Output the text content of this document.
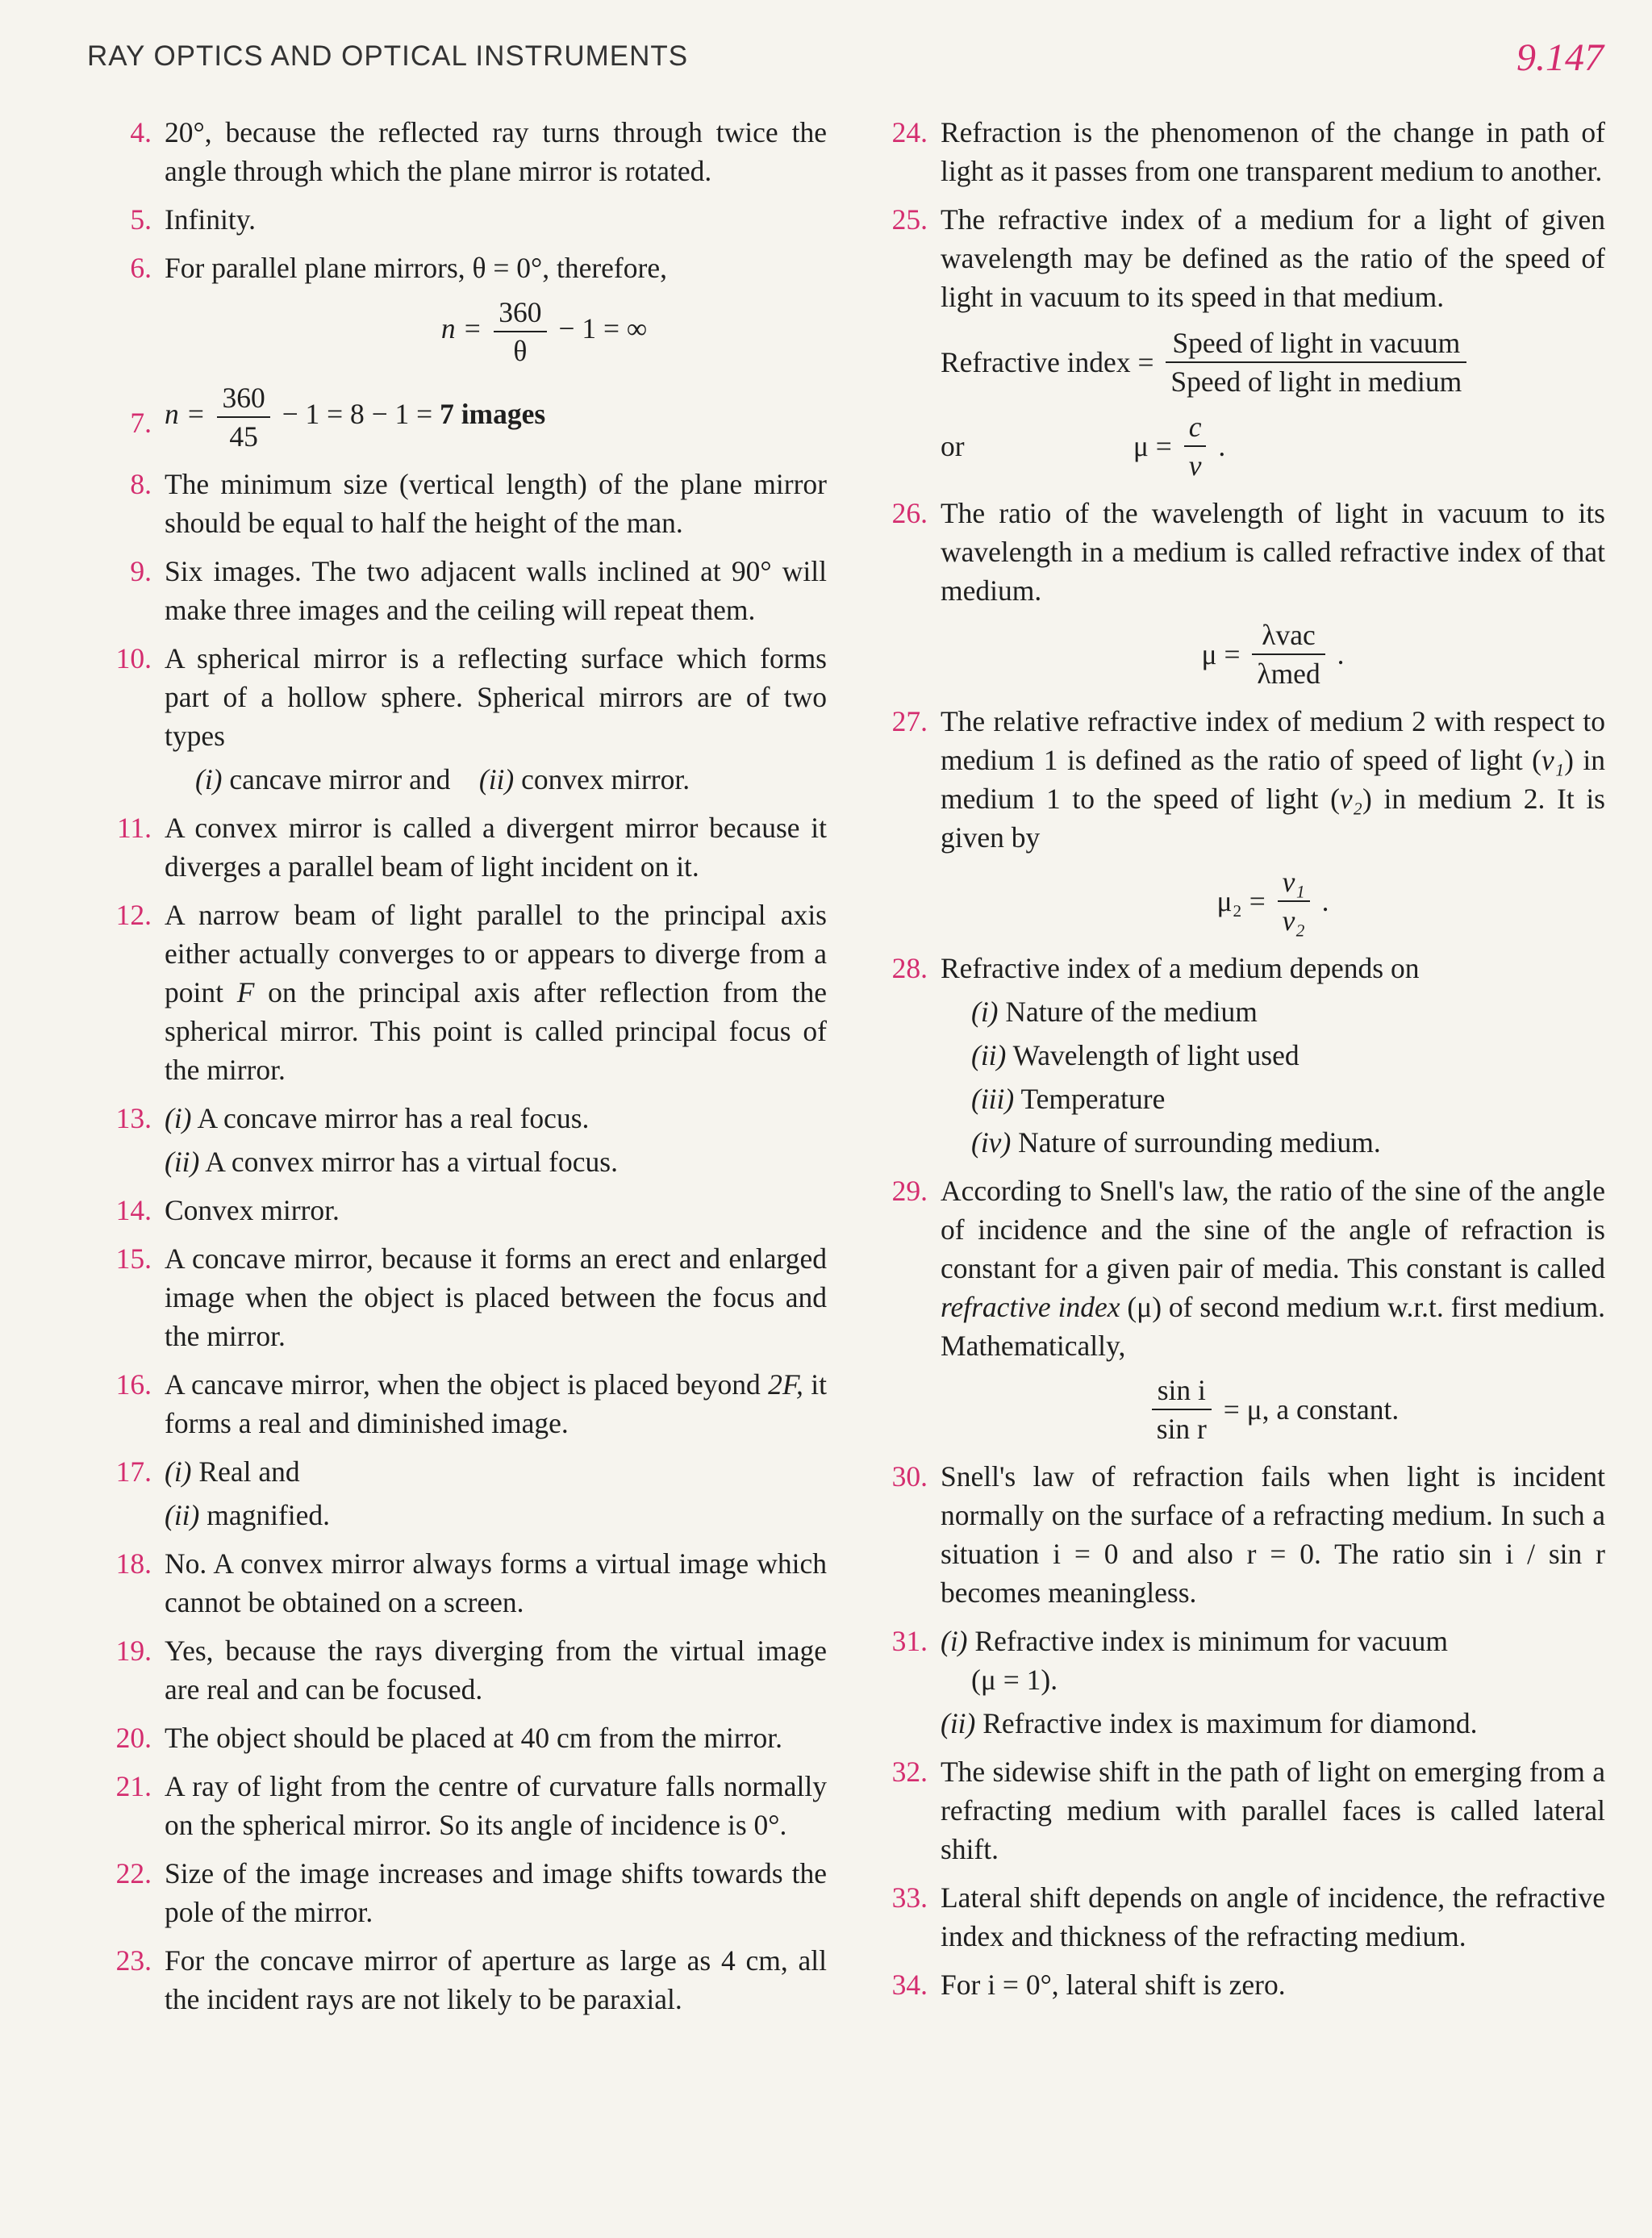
RAY OPTICS AND OPTICAL INSTRUMENTS	9.147
4. 20°, because the reflected ray turns through twice the angle through which the plane mirror is rotated.
5. Infinity.
6. For parallel plane mirrors, θ = 0°, therefore,
$n = \frac{360}{\theta} - 1$ = ∞
7. $n = \frac{360}{45} - 1 = 8 - 1 = 7$ images
8. The minimum size (vertical length) of the plane mirror should be equal to half the height of the man.
9. Six images. The two adjacent walls inclined at 90° will make three images and the ceiling will repeat them.
10. A spherical mirror is a reflecting surface which forms part of a hollow sphere. Spherical mirrors are of two types
(i) cancave mirror and (ii) convex mirror.
11. A convex mirror is called a divergent mirror because it diverges a parallel beam of light incident on it.
12. A narrow beam of light parallel to the principal axis either actually converges to or appears to diverge from a point F on the principal axis after reflection from the spherical mirror. This point is called principal focus of the mirror.
13. (i) A concave mirror has a real focus.
(ii) A convex mirror has a virtual focus.
14. Convex mirror.
15. A concave mirror, because it forms an erect and enlarged image when the object is placed between the focus and the mirror.
16. A cancave mirror, when the object is placed beyond 2F, it forms a real and diminished image.
17. (i) Real and
(ii) magnified.
18. No. A convex mirror always forms a virtual image which cannot be obtained on a screen.
19. Yes, because the rays diverging from the virtual image are real and can be focused.
20. The object should be placed at 40 cm from the mirror.
21. A ray of light from the centre of curvature falls normally on the spherical mirror. So its angle of incidence is 0°.
22. Size of the image increases and image shifts towards the pole of the mirror.
23. For the concave mirror of aperture as large as 4 cm, all the incident rays are not likely to be paraxial.
24. Refraction is the phenomenon of the change in path of light as it passes from one transparent medium to another.
25. The refractive index of a medium for a light of given wavelength may be defined as the ratio of the speed of light in vacuum to its speed in that medium.
Refractive index = $\frac{\text{Speed of light in vacuum}}{\text{Speed of light in medium}}$
or	$\mu = \frac{c}{v}$ .
26. The ratio of the wavelength of light in vacuum to its wavelength in a medium is called refractive index of that medium.
$\mu = \frac{\text{λvac}}{\text{λmed}}$ .
27. The relative refractive index of medium 2 with respect to medium 1 is defined as the ratio of speed of light (v₁) in medium 1 to the speed of light (v₂) in medium 2. It is given by
$\mu_2 = \frac{\text{v₁}}{\text{v₂}}$ .
28. Refractive index of a medium depends on
(i) Nature of the medium
(ii) Wavelength of light used
(iii) Temperature
(iv) Nature of surrounding medium.
29. According to Snell's law, the ratio of the sine of the angle of incidence and the sine of the angle of refraction is constant for a given pair of media. This constant is called refractive index (μ) of second medium w.r.t. first medium. Mathematically,
$\frac{\text{sin i}}{\text{sin r}} = \mu$, a constant.
30. Snell's law of refraction fails when light is incident normally on the surface of a refracting medium. In such a situation i = 0 and also r = 0. The ratio sin i / sin r becomes meaningless.
31. (i) Refractive index is minimum for vacuum
(μ = 1).
(ii) Refractive index is maximum for diamond.
32. The sidewise shift in the path of light on emerging from a refracting medium with parallel faces is called lateral shift.
33. Lateral shift depends on angle of incidence, the refractive index and thickness of the refracting medium.
34. For i = 0°, lateral shift is zero.
